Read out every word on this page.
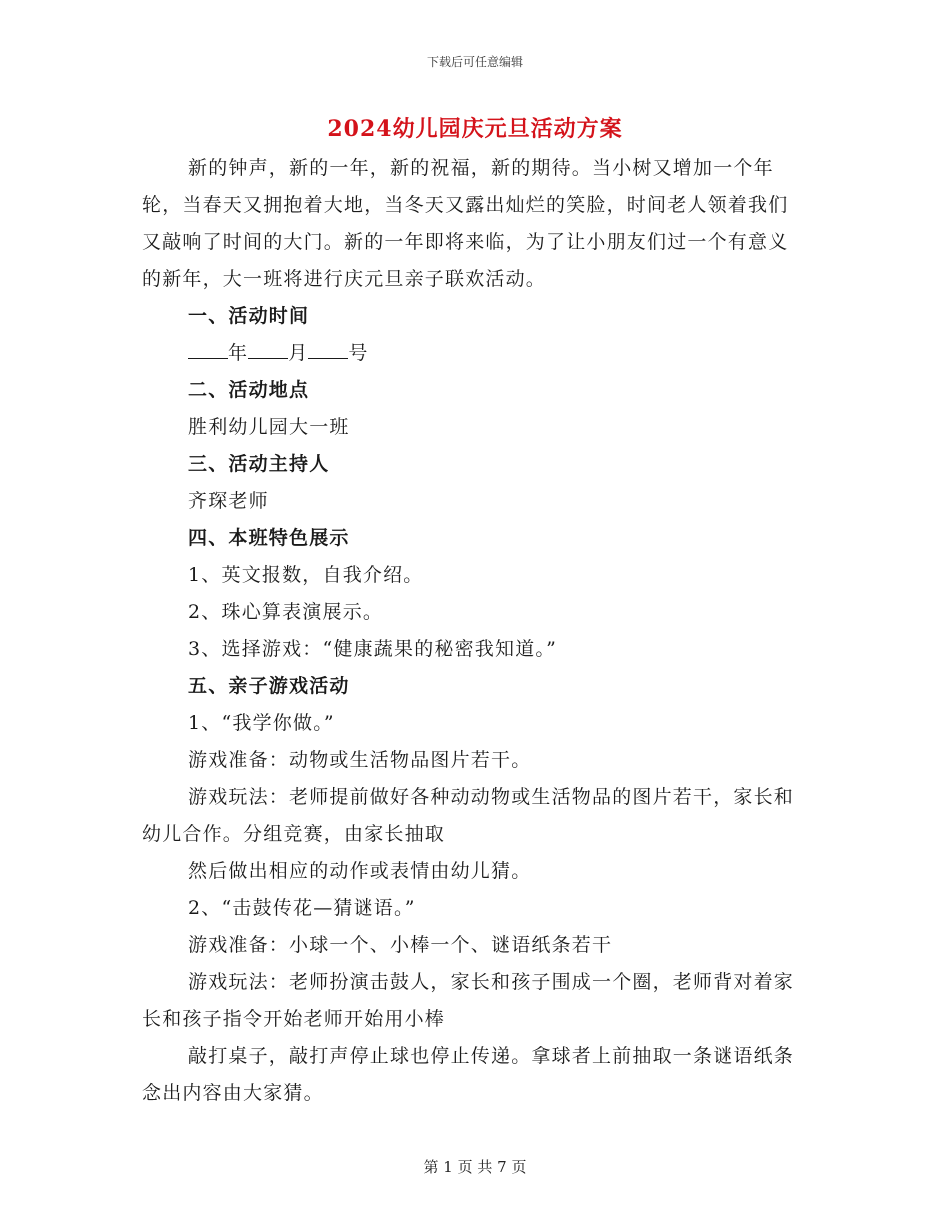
下载后可任意编辑
2024幼儿园庆元旦活动方案

新的钟声，新的一年，新的祝福，新的期待。当小树又增加一个年轮，当春天又拥抱着大地，当冬天又露出灿烂的笑脸，时间老人领着我们又敲响了时间的大门。新的一年即将来临，为了让小朋友们过一个有意义的新年，大一班将进行庆元旦亲子联欢活动。

一、活动时间

年 月 号

二、活动地点

胜利幼儿园大一班

三、活动主持人

齐琛老师

四、本班特色展示

1、英文报数，自我介绍。

2、珠心算表演展示。

3、选择游戏：“健康蔬果的秘密我知道。”

五、亲子游戏活动

1、“我学你做。”

游戏准备：动物或生活物品图片若干。

游戏玩法：老师提前做好各种动动物或生活物品的图片若干，家长和幼儿合作。分组竞赛，由家长抽取

然后做出相应的动作或表情由幼儿猜。

2、“击鼓传花—猜谜语。”

游戏准备：小球一个、小棒一个、谜语纸条若干

游戏玩法：老师扮演击鼓人，家长和孩子围成一个圈，老师背对着家长和孩子指令开始老师开始用小棒

敲打桌子，敲打声停止球也停止传递。拿球者上前抽取一条谜语纸条念出内容由大家猜。

第 1 页 共 7 页
